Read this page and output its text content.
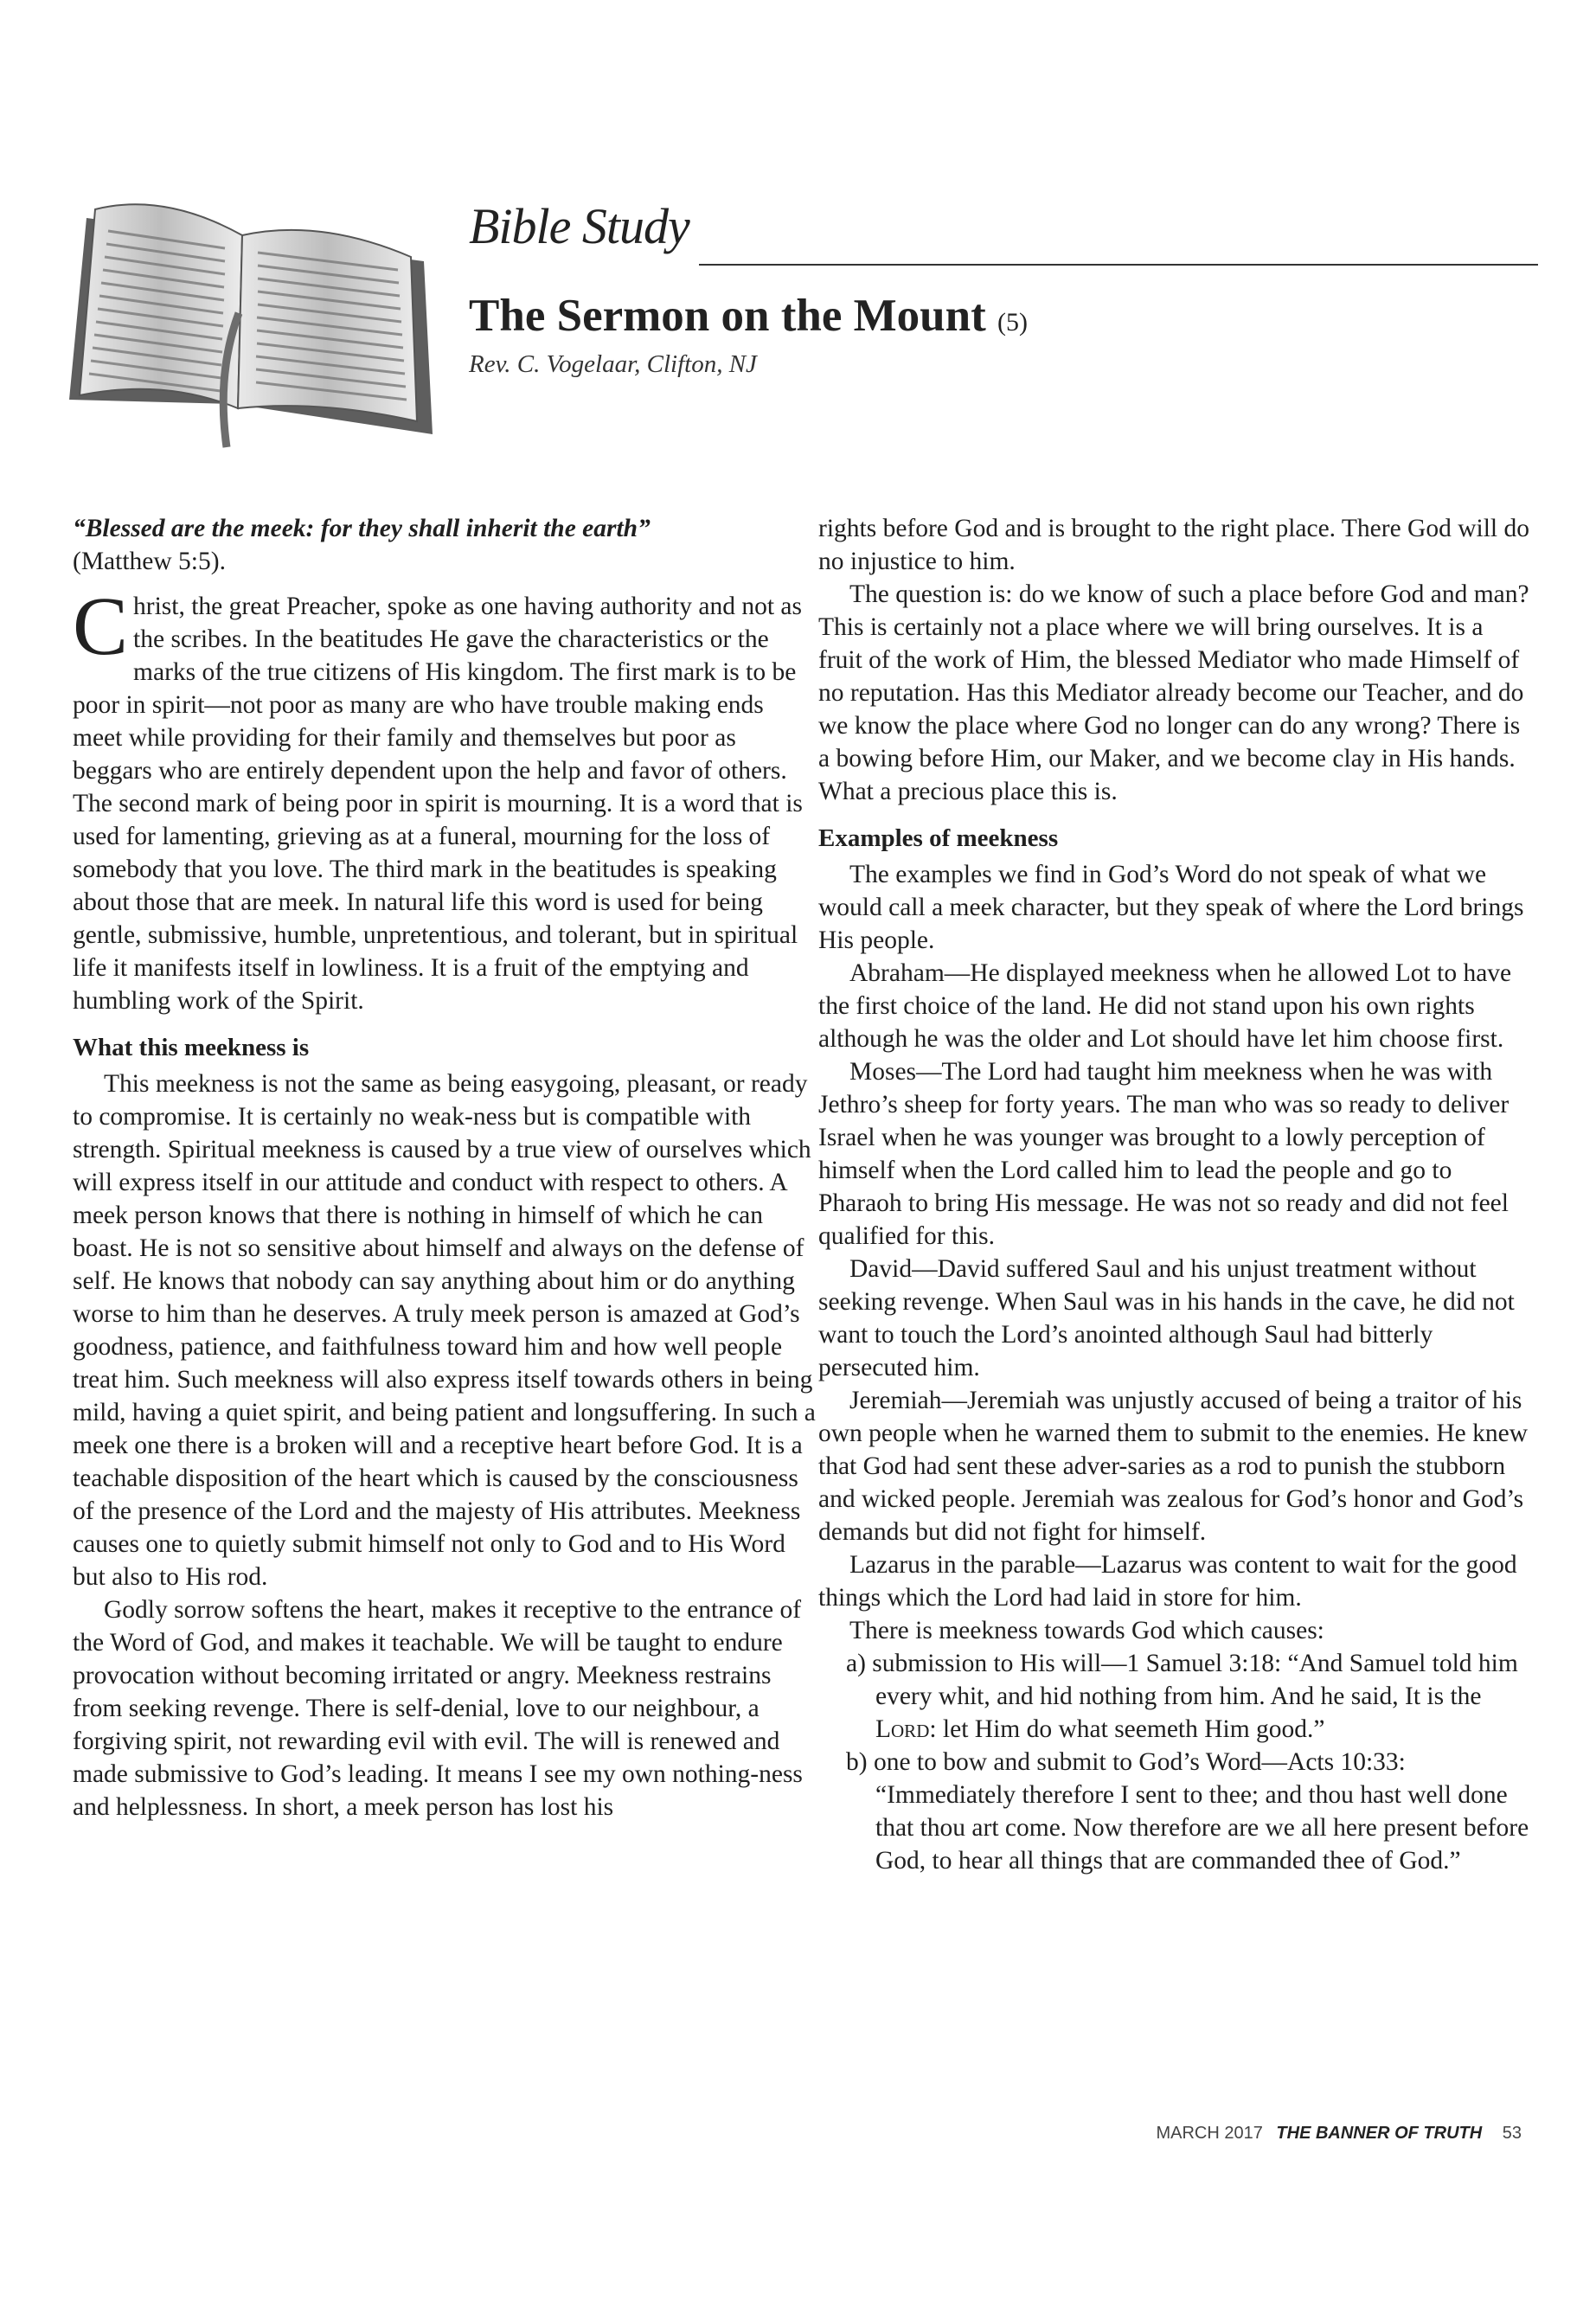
Bible Study
The Sermon on the Mount (5)
Rev. C. Vogelaar, Clifton, NJ

“Blessed are the meek: for they shall inherit the earth”
(Matthew 5:5).

Christ, the great Preacher, spoke as one having authority and not as the scribes. In the beatitudes He gave the characteristics or the marks of the true citizens of His kingdom. The first mark is to be poor in spirit—not poor as many are who have trouble making ends meet while providing for their family and themselves but poor as beggars who are entirely dependent upon the help and favor of others. The second mark of being poor in spirit is mourning. It is a word that is used for lamenting, grieving as at a funeral, mourning for the loss of somebody that you love. The third mark in the beatitudes is speaking about those that are meek. In natural life this word is used for being gentle, submissive, humble, unpretentious, and tolerant, but in spiritual life it manifests itself in lowliness. It is a fruit of the emptying and humbling work of the Spirit.

What this meekness is

This meekness is not the same as being easygoing, pleasant, or ready to compromise. It is certainly no weak-ness but is compatible with strength. Spiritual meekness is caused by a true view of ourselves which will express itself in our attitude and conduct with respect to others. A meek person knows that there is nothing in himself of which he can boast. He is not so sensitive about himself and always on the defense of self. He knows that nobody can say anything about him or do anything worse to him than he deserves. A truly meek person is amazed at God’s goodness, patience, and faithfulness toward him and how well people treat him. Such meekness will also express itself towards others in being mild, having a quiet spirit, and being patient and longsuffering. In such a meek one there is a broken will and a receptive heart before God. It is a teachable disposition of the heart which is caused by the consciousness of the presence of the Lord and the majesty of His attributes. Meekness causes one to quietly submit himself not only to God and to His Word but also to His rod.

Godly sorrow softens the heart, makes it receptive to the entrance of the Word of God, and makes it teachable. We will be taught to endure provocation without becoming irritated or angry. Meekness restrains from seeking revenge. There is self-denial, love to our neighbour, a forgiving spirit, not rewarding evil with evil. The will is renewed and made submissive to God’s leading. It means I see my own nothing-ness and helplessness. In short, a meek person has lost his

rights before God and is brought to the right place. There God will do no injustice to him.

The question is: do we know of such a place before God and man? This is certainly not a place where we will bring ourselves. It is a fruit of the work of Him, the blessed Mediator who made Himself of no reputation. Has this Mediator already become our Teacher, and do we know the place where God no longer can do any wrong? There is a bowing before Him, our Maker, and we become clay in His hands. What a precious place this is.

Examples of meekness

The examples we find in God’s Word do not speak of what we would call a meek character, but they speak of where the Lord brings His people.

Abraham—He displayed meekness when he allowed Lot to have the first choice of the land. He did not stand upon his own rights although he was the older and Lot should have let him choose first.

Moses—The Lord had taught him meekness when he was with Jethro’s sheep for forty years. The man who was so ready to deliver Israel when he was younger was brought to a lowly perception of himself when the Lord called him to lead the people and go to Pharaoh to bring His message. He was not so ready and did not feel qualified for this.

David—David suffered Saul and his unjust treatment without seeking revenge. When Saul was in his hands in the cave, he did not want to touch the Lord’s anointed although Saul had bitterly persecuted him.

Jeremiah—Jeremiah was unjustly accused of being a traitor of his own people when he warned them to submit to the enemies. He knew that God had sent these adver-saries as a rod to punish the stubborn and wicked people. Jeremiah was zealous for God’s honor and God’s demands but did not fight for himself.

Lazarus in the parable—Lazarus was content to wait for the good things which the Lord had laid in store for him.

There is meekness towards God which causes:

a) submission to His will—1 Samuel 3:18: “And Samuel told him every whit, and hid nothing from him. And he said, It is the Lord: let Him do what seemeth Him good.”

b) one to bow and submit to God’s Word—Acts 10:33: “Immediately therefore I sent to thee; and thou hast well done that thou art come. Now therefore are we all here present before God, to hear all things that are commanded thee of God.”

MARCH 2017 THE BANNER OF TRUTH 53
